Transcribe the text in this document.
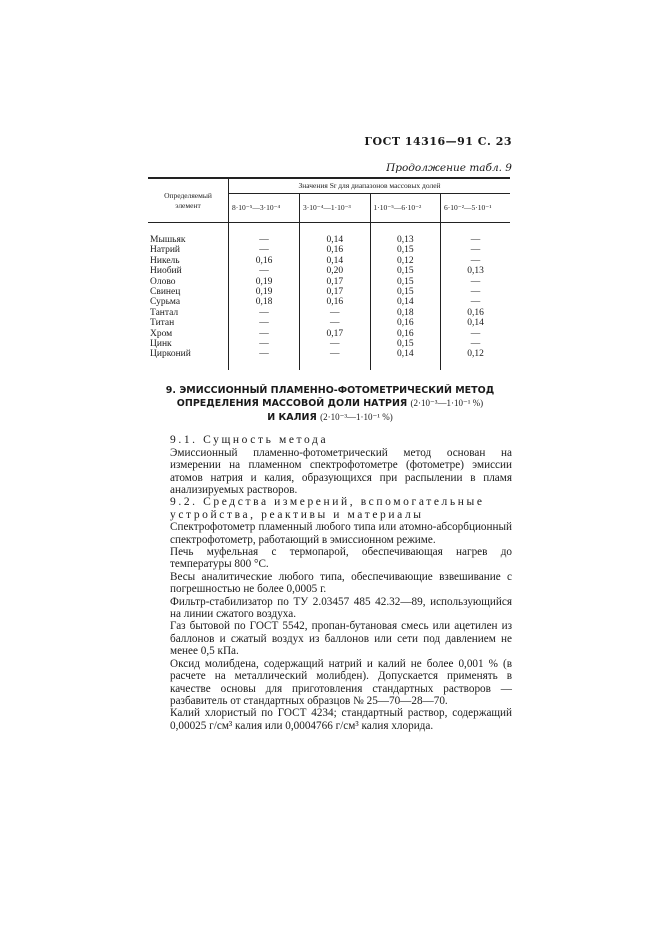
ГОСТ 14316—91 С. 23
Продолжение табл. 9
Определяемый элемент	Значения Sr для диапазонов массовых долей			
	8·10⁻⁵—3·10⁻⁴	3·10⁻⁴—1·10⁻³	1·10⁻⁵—6·10⁻²	6·10⁻²—5·10⁻¹
Мышьяк	—	0,14	0,13	—
Натрий	—	0,16	0,15	—
Никель	0,16	0,14	0,12	—
Ниобий	—	0,20	0,15	0,13
Олово	0,19	0,17	0,15	—
Свинец	0,19	0,17	0,15	—
Сурьма	0,18	0,16	0,14	—
Тантал	—	—	0,18	0,16
Титан	—	—	0,16	0,14
Хром	—	0,17	0,16	—
Цинк	—	—	0,15	—
Цирконий	—	—	0,14	0,12
9. ЭМИССИОННЫЙ ПЛАМЕННО-ФОТОМЕТРИЧЕСКИЙ МЕТОД
ОПРЕДЕЛЕНИЯ МАССОВОЙ ДОЛИ НАТРИЯ (2·10⁻³—1·10⁻¹ %)
И КАЛИЯ (2·10⁻³—1·10⁻¹ %)

9.1. Сущность метода

Эмиссионный пламенно-фотометрический метод основан на измерении на пламенном спектрофотометре (фотометре) эмиссии атомов натрия и калия, образующихся при распылении в пламя анализируемых растворов.

9.2. Средства измерений, вспомогательные устройства, реактивы и материалы

Спектрофотометр пламенный любого типа или атомно-абсорбционный спектрофотометр, работающий в эмиссионном режиме.

Печь муфельная с термопарой, обеспечивающая нагрев до температуры 800 °С.

Весы аналитические любого типа, обеспечивающие взвешивание с погрешностью не более 0,0005 г.

Фильтр-стабилизатор по ТУ 2.03457 485 42.32—89, использующийся на линии сжатого воздуха.

Газ бытовой по ГОСТ 5542, пропан-бутановая смесь или ацетилен из баллонов и сжатый воздух из баллонов или сети под давлением не менее 0,5 кПа.

Оксид молибдена, содержащий натрий и калий не более 0,001 % (в расчете на металлический молибден). Допускается применять в качестве основы для приготовления стандартных растворов — разбавитель от стандартных образцов № 25—70—28—70.

Калий хлористый по ГОСТ 4234; стандартный раствор, содержащий 0,00025 г/см³ калия или 0,0004766 г/см³ калия хлорида.
